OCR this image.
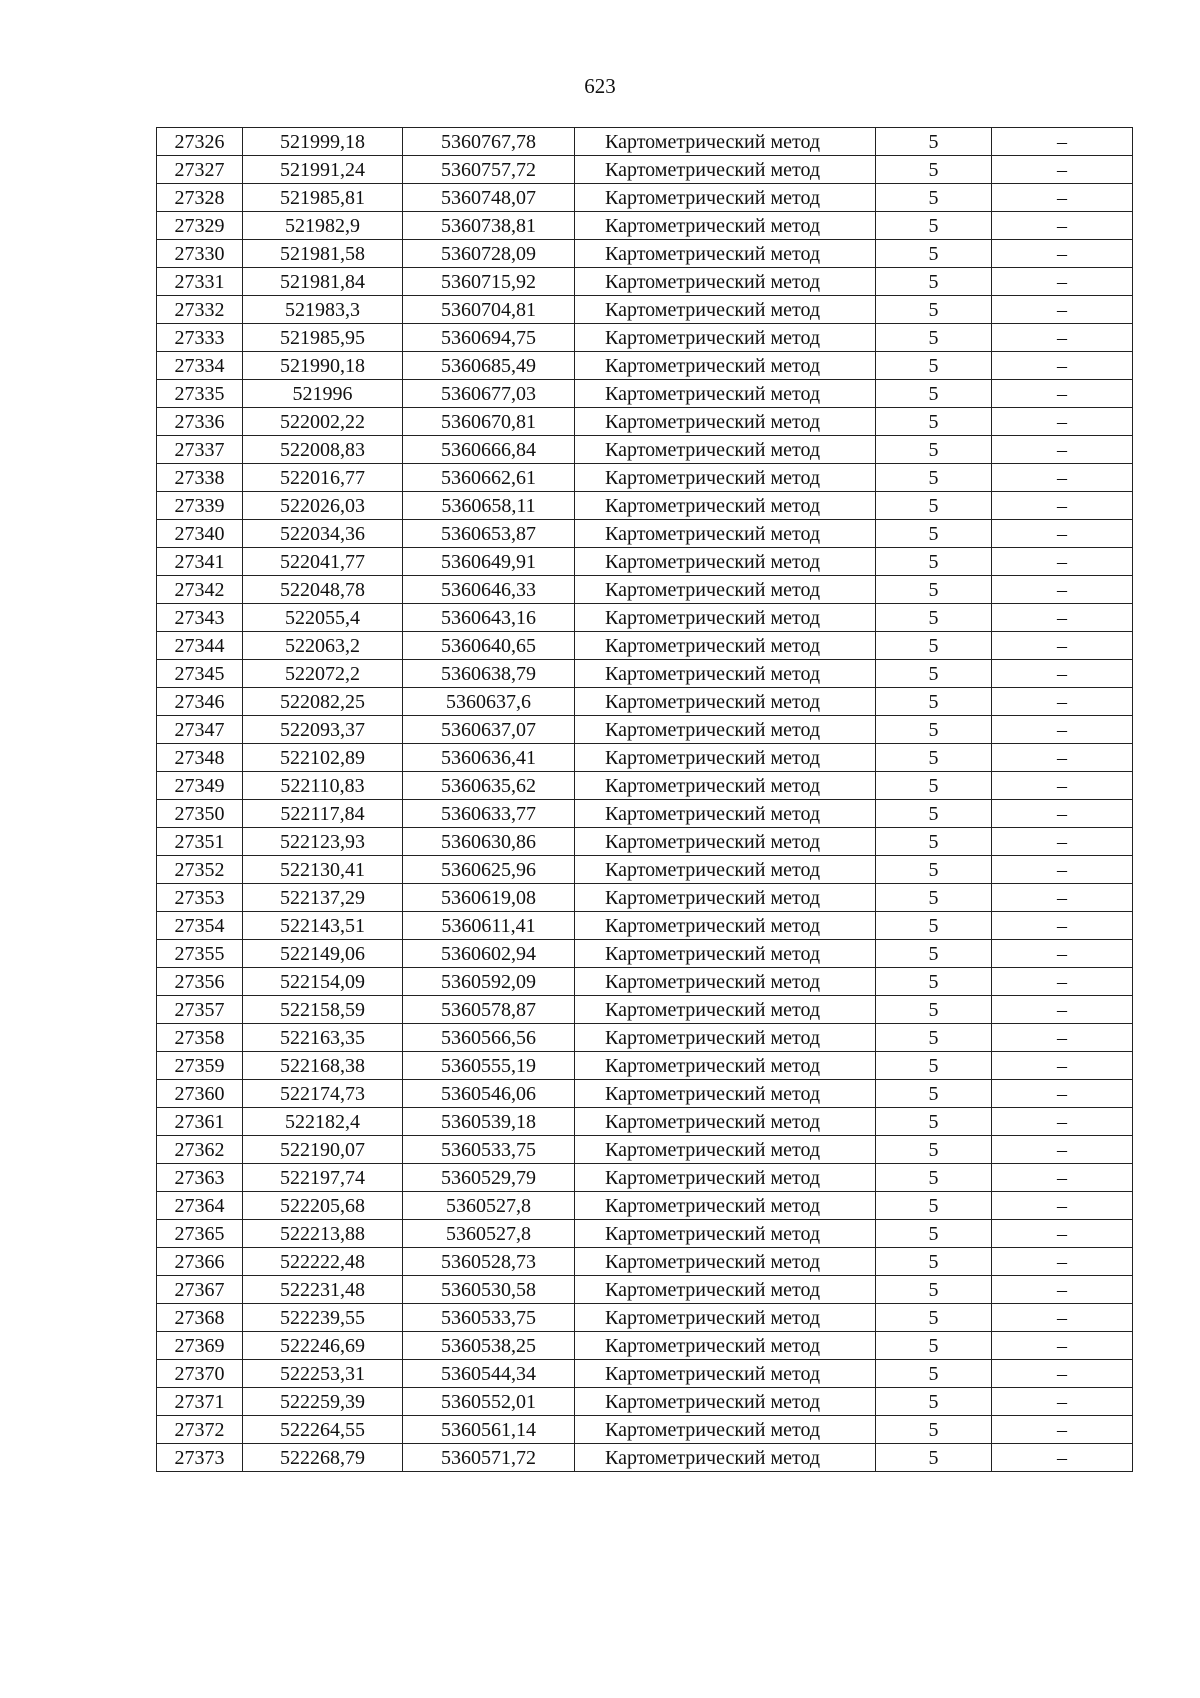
623
27326	521999,18	5360767,78	Картометрический метод	5	–
27327	521991,24	5360757,72	Картометрический метод	5	–
27328	521985,81	5360748,07	Картометрический метод	5	–
27329	521982,9	5360738,81	Картометрический метод	5	–
27330	521981,58	5360728,09	Картометрический метод	5	–
27331	521981,84	5360715,92	Картометрический метод	5	–
27332	521983,3	5360704,81	Картометрический метод	5	–
27333	521985,95	5360694,75	Картометрический метод	5	–
27334	521990,18	5360685,49	Картометрический метод	5	–
27335	521996	5360677,03	Картометрический метод	5	–
27336	522002,22	5360670,81	Картометрический метод	5	–
27337	522008,83	5360666,84	Картометрический метод	5	–
27338	522016,77	5360662,61	Картометрический метод	5	–
27339	522026,03	5360658,11	Картометрический метод	5	–
27340	522034,36	5360653,87	Картометрический метод	5	–
27341	522041,77	5360649,91	Картометрический метод	5	–
27342	522048,78	5360646,33	Картометрический метод	5	–
27343	522055,4	5360643,16	Картометрический метод	5	–
27344	522063,2	5360640,65	Картометрический метод	5	–
27345	522072,2	5360638,79	Картометрический метод	5	–
27346	522082,25	5360637,6	Картометрический метод	5	–
27347	522093,37	5360637,07	Картометрический метод	5	–
27348	522102,89	5360636,41	Картометрический метод	5	–
27349	522110,83	5360635,62	Картометрический метод	5	–
27350	522117,84	5360633,77	Картометрический метод	5	–
27351	522123,93	5360630,86	Картометрический метод	5	–
27352	522130,41	5360625,96	Картометрический метод	5	–
27353	522137,29	5360619,08	Картометрический метод	5	–
27354	522143,51	5360611,41	Картометрический метод	5	–
27355	522149,06	5360602,94	Картометрический метод	5	–
27356	522154,09	5360592,09	Картометрический метод	5	–
27357	522158,59	5360578,87	Картометрический метод	5	–
27358	522163,35	5360566,56	Картометрический метод	5	–
27359	522168,38	5360555,19	Картометрический метод	5	–
27360	522174,73	5360546,06	Картометрический метод	5	–
27361	522182,4	5360539,18	Картометрический метод	5	–
27362	522190,07	5360533,75	Картометрический метод	5	–
27363	522197,74	5360529,79	Картометрический метод	5	–
27364	522205,68	5360527,8	Картометрический метод	5	–
27365	522213,88	5360527,8	Картометрический метод	5	–
27366	522222,48	5360528,73	Картометрический метод	5	–
27367	522231,48	5360530,58	Картометрический метод	5	–
27368	522239,55	5360533,75	Картометрический метод	5	–
27369	522246,69	5360538,25	Картометрический метод	5	–
27370	522253,31	5360544,34	Картометрический метод	5	–
27371	522259,39	5360552,01	Картометрический метод	5	–
27372	522264,55	5360561,14	Картометрический метод	5	–
27373	522268,79	5360571,72	Картометрический метод	5	–
